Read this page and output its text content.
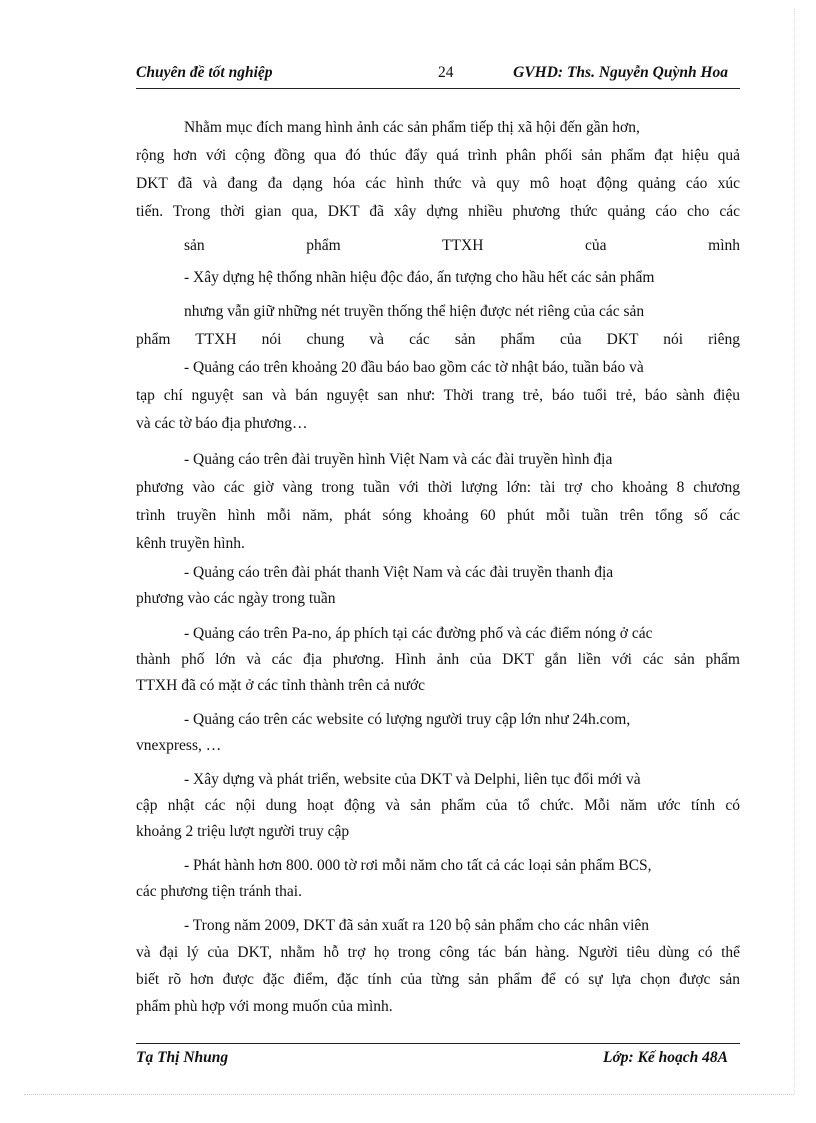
Chuyên đề tốt nghiệp	24	GVHD: Ths. Nguyễn Quỳnh Hoa
Nhằm mục đích mang hình ảnh các sản phẩm tiếp thị xã hội đến gần hơn,
rộng hơn với cộng đồng qua đó thúc đẩy quá trình phân phối sản phẩm đạt hiệu quả
DKT đã và đang đa dạng hóa các hình thức và quy mô hoạt động quảng cáo xúc
tiến. Trong thời gian qua, DKT đã xây dựng nhiều phương thức quảng cáo cho các
sản phẩm TTXH của mình
- Xây dựng hệ thống nhãn hiệu độc đáo, ấn tượng cho hầu hết các sản phẩm
nhưng vẫn giữ những nét truyền thống thể hiện được nét riêng của các sản
phẩm TTXH nói chung và các sản phẩm của DKT nói riêng
- Quảng cáo trên khoảng 20 đầu báo bao gồm các tờ nhật báo, tuần báo và
tạp chí nguyệt san và bán nguyệt san như: Thời trang trẻ, báo tuổi trẻ, báo sành điệu
và các tờ báo địa phương…
- Quảng cáo trên đài truyền hình Việt Nam và các đài truyền hình địa
phương vào các giờ vàng trong tuần với thời lượng lớn: tài trợ cho khoảng 8 chương
trình truyền hình mỗi năm, phát sóng khoảng 60 phút mỗi tuần trên tổng số các
kênh truyền hình.
- Quảng cáo trên đài phát thanh Việt Nam và các đài truyền thanh địa
phương vào các ngày trong tuần
- Quảng cáo trên Pa-no, áp phích tại các đường phố và các điểm nóng ở các
thành phố lớn và các địa phương. Hình ảnh của DKT gắn liền với các sản phẩm
TTXH đã có mặt ở các tỉnh thành trên cả nước
- Quảng cáo trên các website có lượng người truy cập lớn như 24h.com,
vnexpress, …
- Xây dựng và phát triển, website của DKT và Delphi, liên tục đổi mới và
cập nhật các nội dung hoạt động và sản phẩm của tổ chức. Mỗi năm ước tính có
khoảng 2 triệu lượt người truy cập
- Phát hành hơn 800. 000 tờ rơi mỗi năm cho tất cả các loại sản phẩm BCS,
các phương tiện tránh thai.
- Trong năm 2009, DKT đã sản xuất ra 120 bộ sản phẩm cho các nhân viên
và đại lý của DKT, nhằm hỗ trợ họ trong công tác bán hàng. Người tiêu dùng có thể
biết rõ hơn được đặc điểm, đặc tính của từng sản phẩm để có sự lựa chọn được sản
phẩm phù hợp với mong muốn của mình.
Tạ Thị Nhung	Lớp: Kế hoạch 48A
